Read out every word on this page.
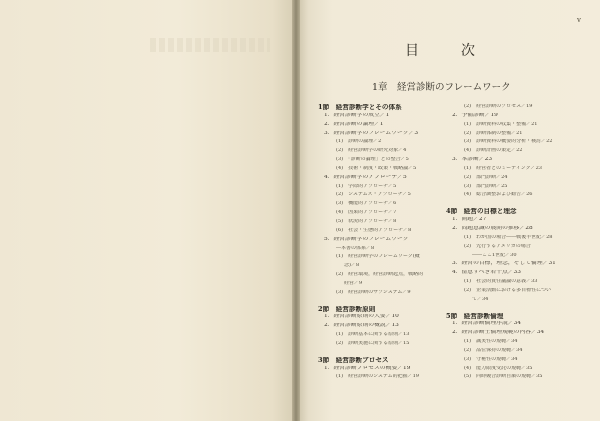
v
目　次
1章　経営診断のフレームワーク
1節　経営診断学とその体系
1．経営診断学の成立／1
2．経営診断の論理／1
3．経営診断学のフレームワーク／3
(1)　診断の論理／2
(2)　経営診断学の研究対象／4
(3)　「診断の論理」との整合／5
(4)　技術・制度・政策・戦略論／5
4．経営診断学のアプローチ／5
(1)　学際的アプローチ／5
(2)　システムズ・アプローチ／5
(3)　機能的アプローチ／6
(4)　因果的アプローチ／7
(5)　状況的アプローチ／8
(6)　社会・生態的アプローチ／8
5．経営診断学のフレームワーク
―本書の体系／8
(1)　経営診断学のフレームワーク(概
念)／8
(2)　経営環境，経営診断起点，戦略的
経営／9
(3)　経営診断のサブシステム／9
2節　経営診断原則
1．経営診断原則の大要／10
2．経営診断原則の概説／13
(1)　診断基本に関する原則／13
(2)　診断実施に関する原則／15
3節　経営診断プロセス
1．経営診断プロセスの概要／19
(1)　経営診断のシステム的把握／19
(2)　経営診断のプロセス／19
2．予備診断／19
(1)　診断資料の収集・整備／21
(2)　診断体制の整備／21
(3)　診断資料の概要的分析・検討／22
(4)　診断計画の策定／22
3．本診断／23
(1)　経営者とのミーティング／23
(2)　部門診断／24
(3)　部門診断／25
(4)　総合調整および勧告／26
4節　経営の目標と理念
1．開題／27
2．問題意識の展開の推移／28
(1)　わが国の場合――戦後半世紀／28
(2)　先行するアメリカの場合
――ここ1世紀／30
3．経営の目標，理念，そして倫理／31
4．留意すべき若干点／33
(1)　社会的責任議論の意義／33
(2)　企業活動における多目標性につい
て／34
5節　経営診断倫理
1．経営診断倫理序説／34
2．経営診断士倫理規範の内容／34
(1)　誠実性の規範／34
(2)　品位保持の規範／34
(3)　守秘性の規範／34
(4)　能力限度受託の規範／35
(5)　同時競合診断自粛の規範／35
